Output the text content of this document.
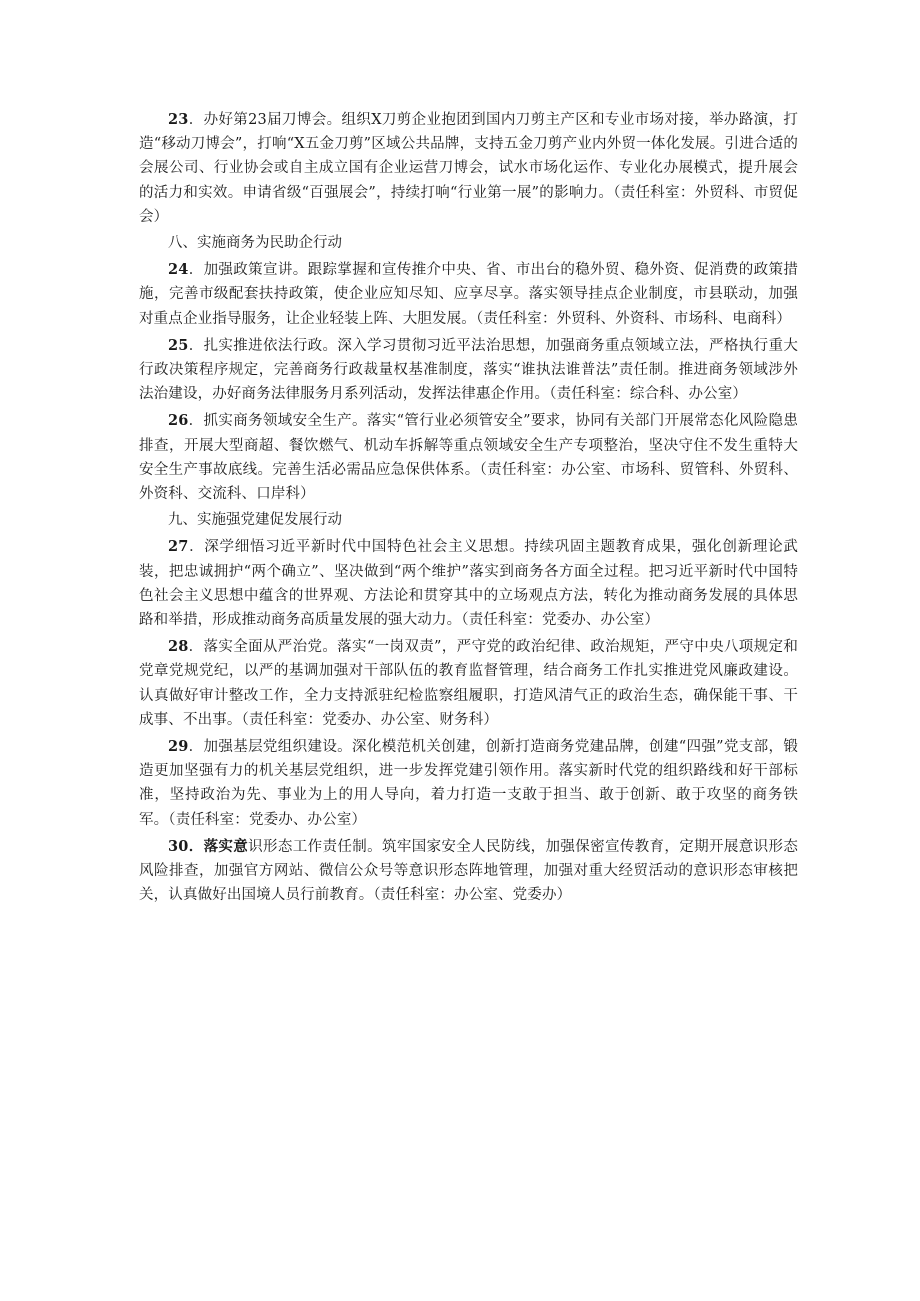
23．办好第23届刀博会。组织X刀剪企业抱团到国内刀剪主产区和专业市场对接，举办路演，打造“移动刀博会”，打响“X五金刀剪”区域公共品牌，支持五金刀剪产业内外贸一体化发展。引进合适的会展公司、行业协会或自主成立国有企业运营刀博会，试水市场化运作、专业化办展模式，提升展会的活力和实效。申请省级“百强展会”，持续打响“行业第一展”的影响力。（责任科室：外贸科、市贸促会）

八、实施商务为民助企行动

24．加强政策宣讲。跟踪掌握和宣传推介中央、省、市出台的稳外贸、稳外资、促消费的政策措施，完善市级配套扶持政策，使企业应知尽知、应享尽享。落实领导挂点企业制度，市县联动，加强对重点企业指导服务，让企业轻装上阵、大胆发展。（责任科室：外贸科、外资科、市场科、电商科）

25．扎实推进依法行政。深入学习贯彻习近平法治思想，加强商务重点领域立法，严格执行重大行政决策程序规定，完善商务行政裁量权基准制度，落实“谁执法谁普法”责任制。推进商务领域涉外法治建设，办好商务法律服务月系列活动，发挥法律惠企作用。（责任科室：综合科、办公室）

26．抓实商务领域安全生产。落实“管行业必须管安全”要求，协同有关部门开展常态化风险隐患排查，开展大型商超、餐饮燃气、机动车拆解等重点领域安全生产专项整治，坚决守住不发生重特大安全生产事故底线。完善生活必需品应急保供体系。（责任科室：办公室、市场科、贸管科、外贸科、外资科、交流科、口岸科）

九、实施强党建促发展行动

27．深学细悟习近平新时代中国特色社会主义思想。持续巩固主题教育成果，强化创新理论武装，把忠诚拥护“两个确立”、坚决做到“两个维护”落实到商务各方面全过程。把习近平新时代中国特色社会主义思想中蕴含的世界观、方法论和贯穿其中的立场观点方法，转化为推动商务发展的具体思路和举措，形成推动商务高质量发展的强大动力。（责任科室：党委办、办公室）

28．落实全面从严治党。落实“一岗双责”，严守党的政治纪律、政治规矩，严守中央八项规定和党章党规党纪，以严的基调加强对干部队伍的教育监督管理，结合商务工作扎实推进党风廉政建设。认真做好审计整改工作，全力支持派驻纪检监察组履职，打造风清气正的政治生态，确保能干事、干成事、不出事。（责任科室：党委办、办公室、财务科）

29．加强基层党组织建设。深化模范机关创建，创新打造商务党建品牌，创建“四强”党支部，锻造更加坚强有力的机关基层党组织，进一步发挥党建引领作用。落实新时代党的组织路线和好干部标准，坚持政治为先、事业为上的用人导向，着力打造一支敢于担当、敢于创新、敢于攻坚的商务铁军。（责任科室：党委办、办公室）

30．落实意识形态工作责任制。筑牢国家安全人民防线，加强保密宣传教育，定期开展意识形态风险排查，加强官方网站、微信公众号等意识形态阵地管理，加强对重大经贸活动的意识形态审核把关，认真做好出国境人员行前教育。（责任科室：办公室、党委办）
